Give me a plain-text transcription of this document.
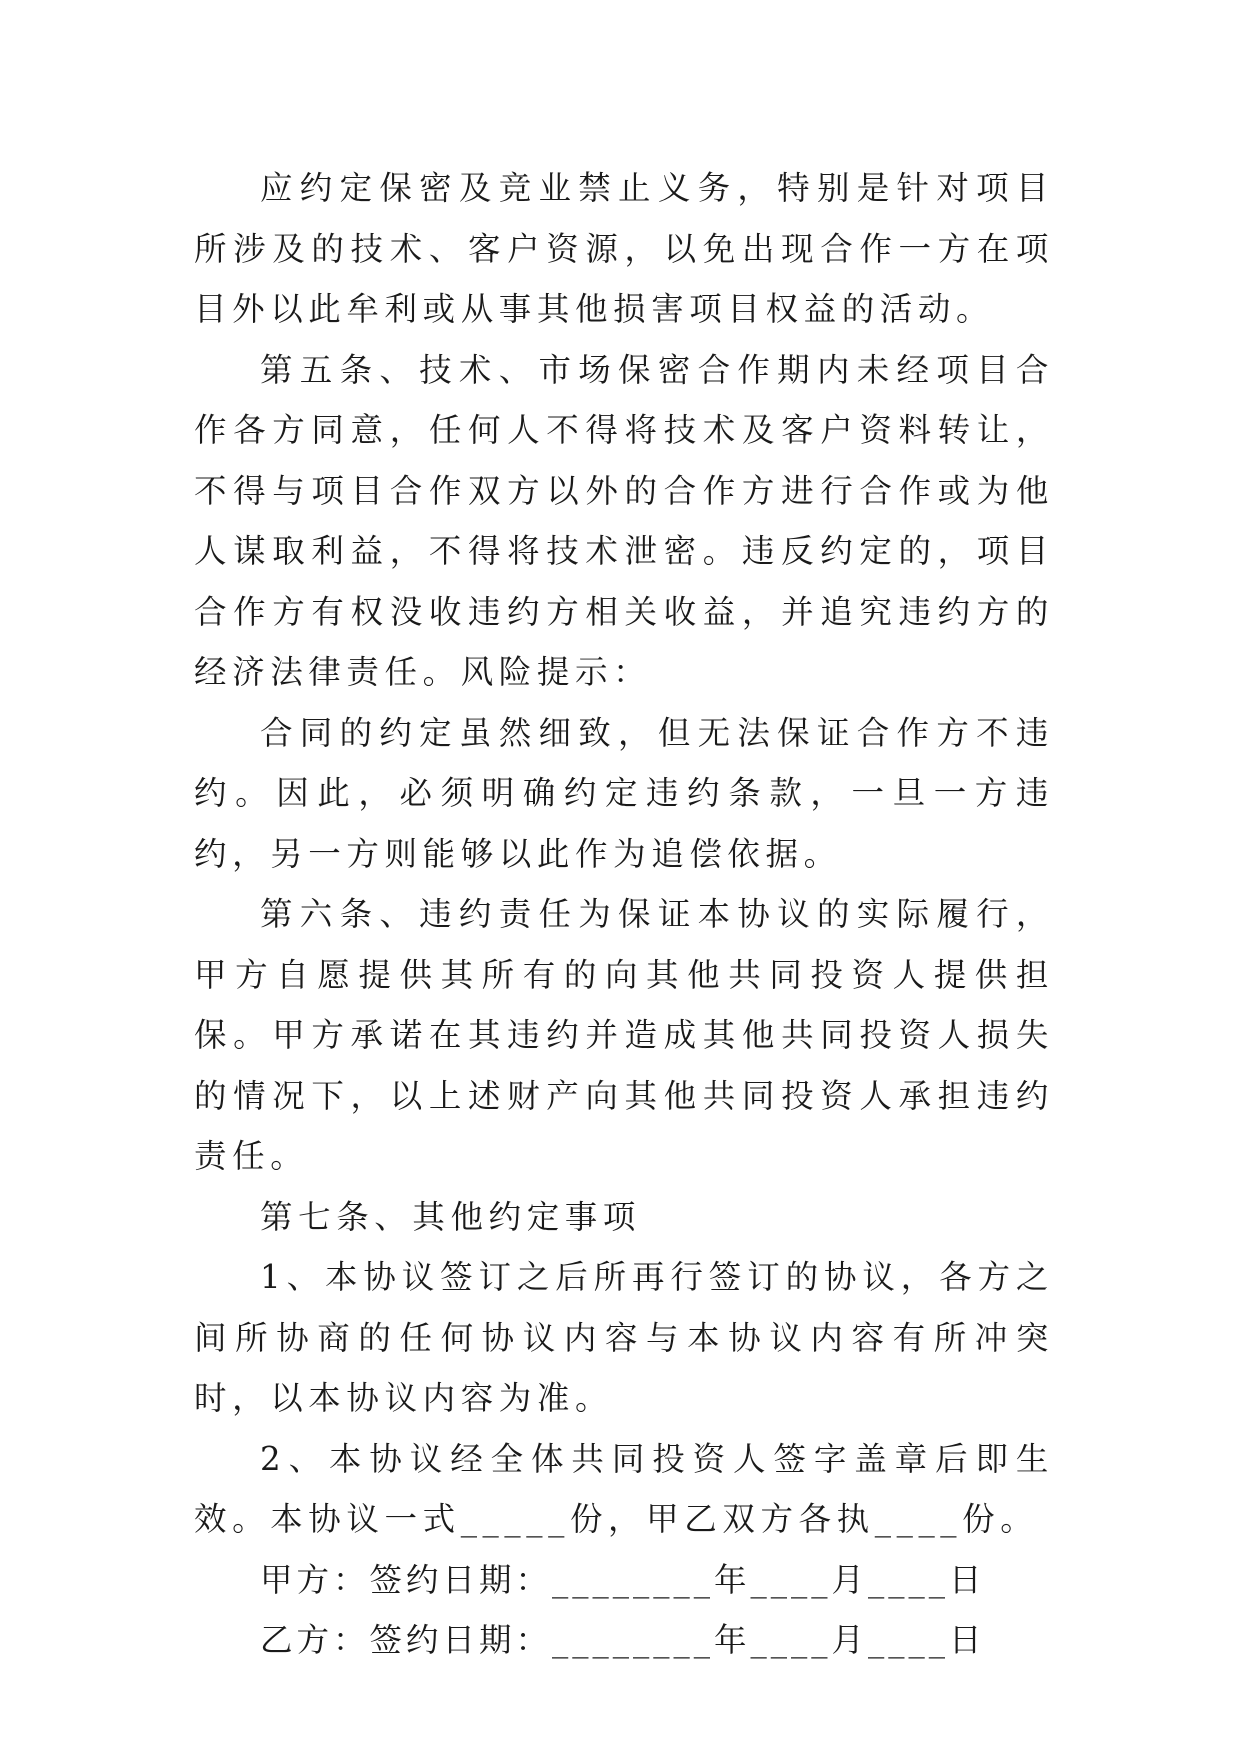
应约定保密及竞业禁止义务，特别是针对项目所涉及的技术、客户资源，以免出现合作一方在项目外以此牟利或从事其他损害项目权益的活动。

第五条、技术、市场保密合作期内未经项目合作各方同意，任何人不得将技术及客户资料转让，不得与项目合作双方以外的合作方进行合作或为他人谋取利益，不得将技术泄密。违反约定的，项目合作方有权没收违约方相关收益，并追究违约方的经济法律责任。风险提示：

合同的约定虽然细致，但无法保证合作方不违约。因此，必须明确约定违约条款，一旦一方违约，另一方则能够以此作为追偿依据。

第六条、违约责任为保证本协议的实际履行，甲方自愿提供其所有的向其他共同投资人提供担保。甲方承诺在其违约并造成其他共同投资人损失的情况下，以上述财产向其他共同投资人承担违约责任。

第七条、其他约定事项

1、本协议签订之后所再行签订的协议，各方之间所协商的任何协议内容与本协议内容有所冲突时，以本协议内容为准。

2、本协议经全体共同投资人签字盖章后即生效。本协议一式_____份，甲乙双方各执____份。

甲方：签约日期：________年____月____日

乙方：签约日期：________年____月____日
